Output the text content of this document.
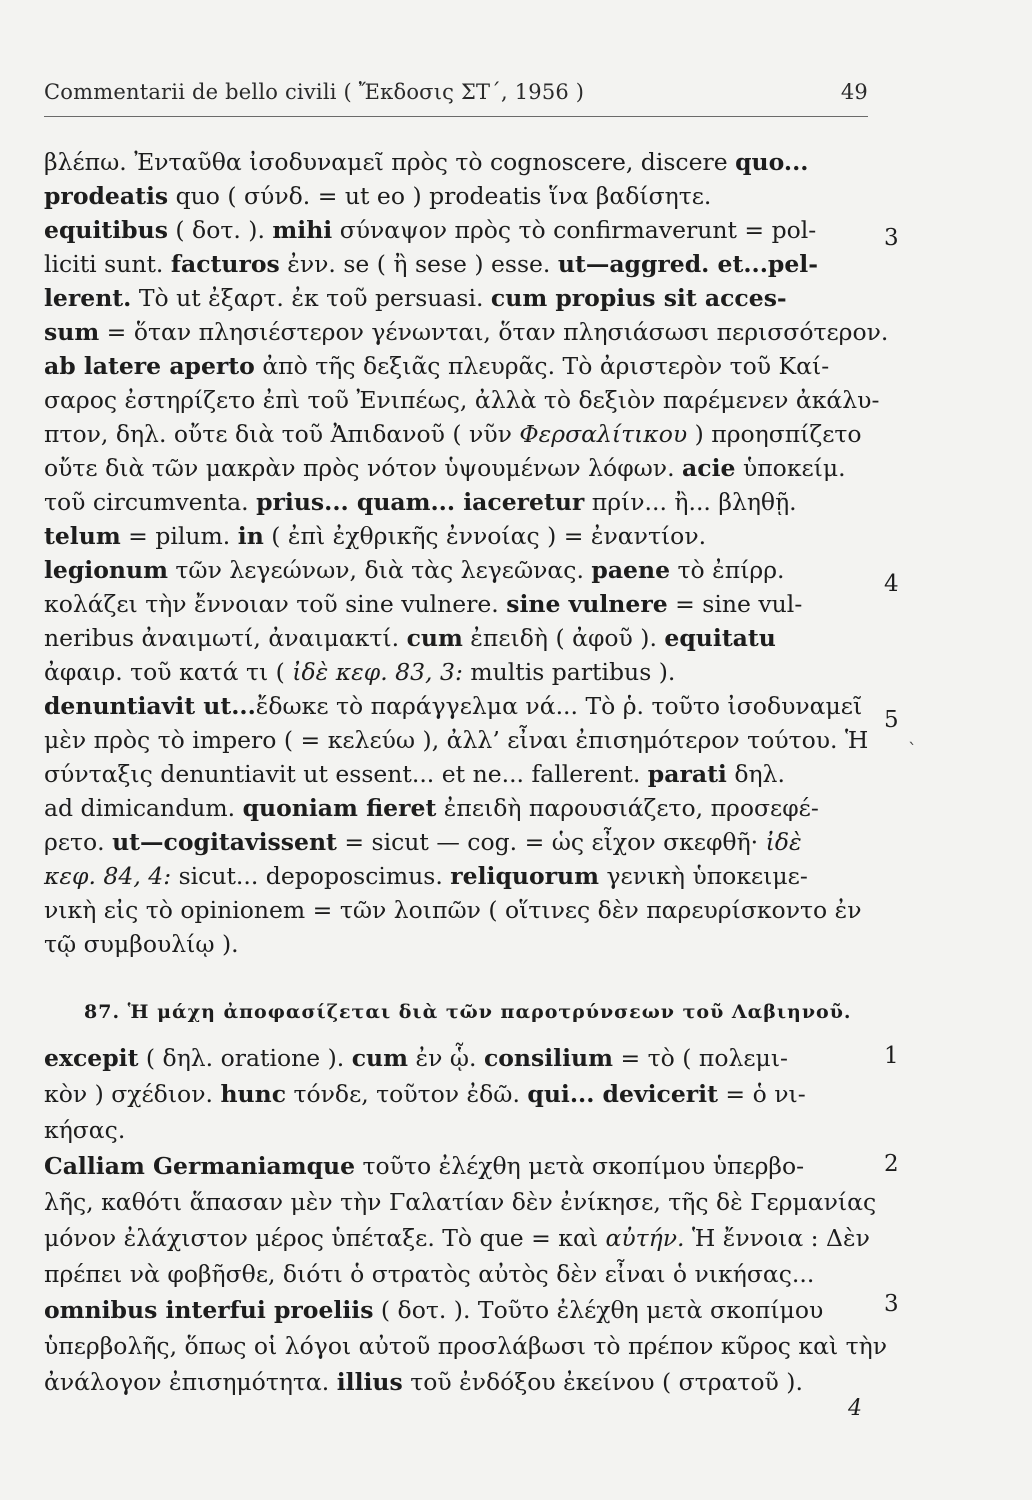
Commentarii de bello civili ( Ἔκδοσις ΣΤ΄, 1956 )	49
βλέπω. Ἐνταῦθα ἰσοδυναμεῖ πρὸς τὸ cognoscere, discere quo...
prodeatis quo ( σύνδ. = ut eo ) prodeatis ἵνα βαδίσητε.
equitibus ( δοτ. ). mihi σύναψον πρὸς τὸ confirmaverunt = pol-
liciti sunt. facturos ἐνν. se ( ἢ sese ) esse. ut—aggred. et...pel-
lerent. Τὸ ut ἐξαρτ. ἐκ τοῦ persuasi. cum propius sit acces-
sum = ὅταν πλησιέστερον γένωνται, ὅταν πλησιάσωσι περισσότερον.
ab latere aperto ἀπὸ τῆς δεξιᾶς πλευρᾶς. Τὸ ἀριστερὸν τοῦ Καί-
σαρος ἐστηρίζετο ἐπὶ τοῦ Ἐνιπέως, ἀλλὰ τὸ δεξιὸν παρέμενεν ἀκάλυ-
πτον, δηλ. οὔτε διὰ τοῦ Ἀπιδανοῦ ( νῦν Φερσαλίτικου ) προησπίζετο
οὔτε διὰ τῶν μακρὰν πρὸς νότον ὑψουμένων λόφων. acie ὑποκείμ.
τοῦ circumventa. prius... quam... iaceretur πρίν... ἢ... βληθῇ.
telum = pilum. in ( ἐπὶ ἐχθρικῆς ἐννοίας ) = ἐναντίον.
legionum τῶν λεγεώνων, διὰ τὰς λεγεῶνας. paene τὸ ἐπίρρ.
κολάζει τὴν ἔννοιαν τοῦ sine vulnere. sine vulnere = sine vul-
neribus ἀναιμωτί, ἀναιμακτί. cum ἐπειδὴ ( ἀφοῦ ). equitatu
ἀφαιρ. τοῦ κατά τι ( ἰδὲ κεφ. 83, 3: multis partibus ).
denuntiavit ut...ἔδωκε τὸ παράγγελμα νά... Τὸ ῥ. τοῦτο ἰσοδυναμεῖ
μὲν πρὸς τὸ impero ( = κελεύω ), ἀλλ’ εἶναι ἐπισημότερον τούτου. Ἡ
σύνταξις denuntiavit ut essent... et ne... fallerent. parati δηλ.
ad dimicandum. quoniam fieret ἐπειδὴ παρουσιάζετο, προσεφέ-
ρετο. ut—cogitavissent = sicut — cog. = ὡς εἶχον σκεφθῆ· ἰδὲ
κεφ. 84, 4: sicut... depoposcimus. reliquorum γενικὴ ὑποκειμε-
νικὴ εἰς τὸ opinionem = τῶν λοιπῶν ( οἵτινες δὲν παρευρίσκοντο ἐν
τῷ συμβουλίῳ ).
excepit ( δηλ. oratione ). cum ἐν ᾧ. consilium = τὸ ( πολεμι-
κὸν ) σχέδιον. hunc τόνδε, τοῦτον ἐδῶ. qui... devicerit = ὁ νι-
κήσας.
Calliam Germaniamque τοῦτο ἐλέχθη μετὰ σκοπίμου ὑπερβο-
λῆς, καθότι ἅπασαν μὲν τὴν Γαλατίαν δὲν ἐνίκησε, τῆς δὲ Γερμανίας
μόνον ἐλάχιστον μέρος ὑπέταξε. Τὸ que = καὶ αὐτήν. Ἡ ἔννοια : Δὲν
πρέπει νὰ φοβῆσθε, διότι ὁ στρατὸς αὐτὸς δὲν εἶναι ὁ νικήσας...
omnibus interfui proeliis ( δοτ. ). Τοῦτο ἐλέχθη μετὰ σκοπίμου
ὑπερβολῆς, ὅπως οἱ λόγοι αὐτοῦ προσλάβωσι τὸ πρέπον κῦρος καὶ τὴν
ἀνάλογον ἐπισημότητα. illius τοῦ ἐνδόξου ἐκείνου ( στρατοῦ ).
87. Ἡ μάχη ἀποφασίζεται διὰ τῶν παροτρύνσεων τοῦ Λαβιηνοῦ.
3
4
5
1
2
3
`
4
